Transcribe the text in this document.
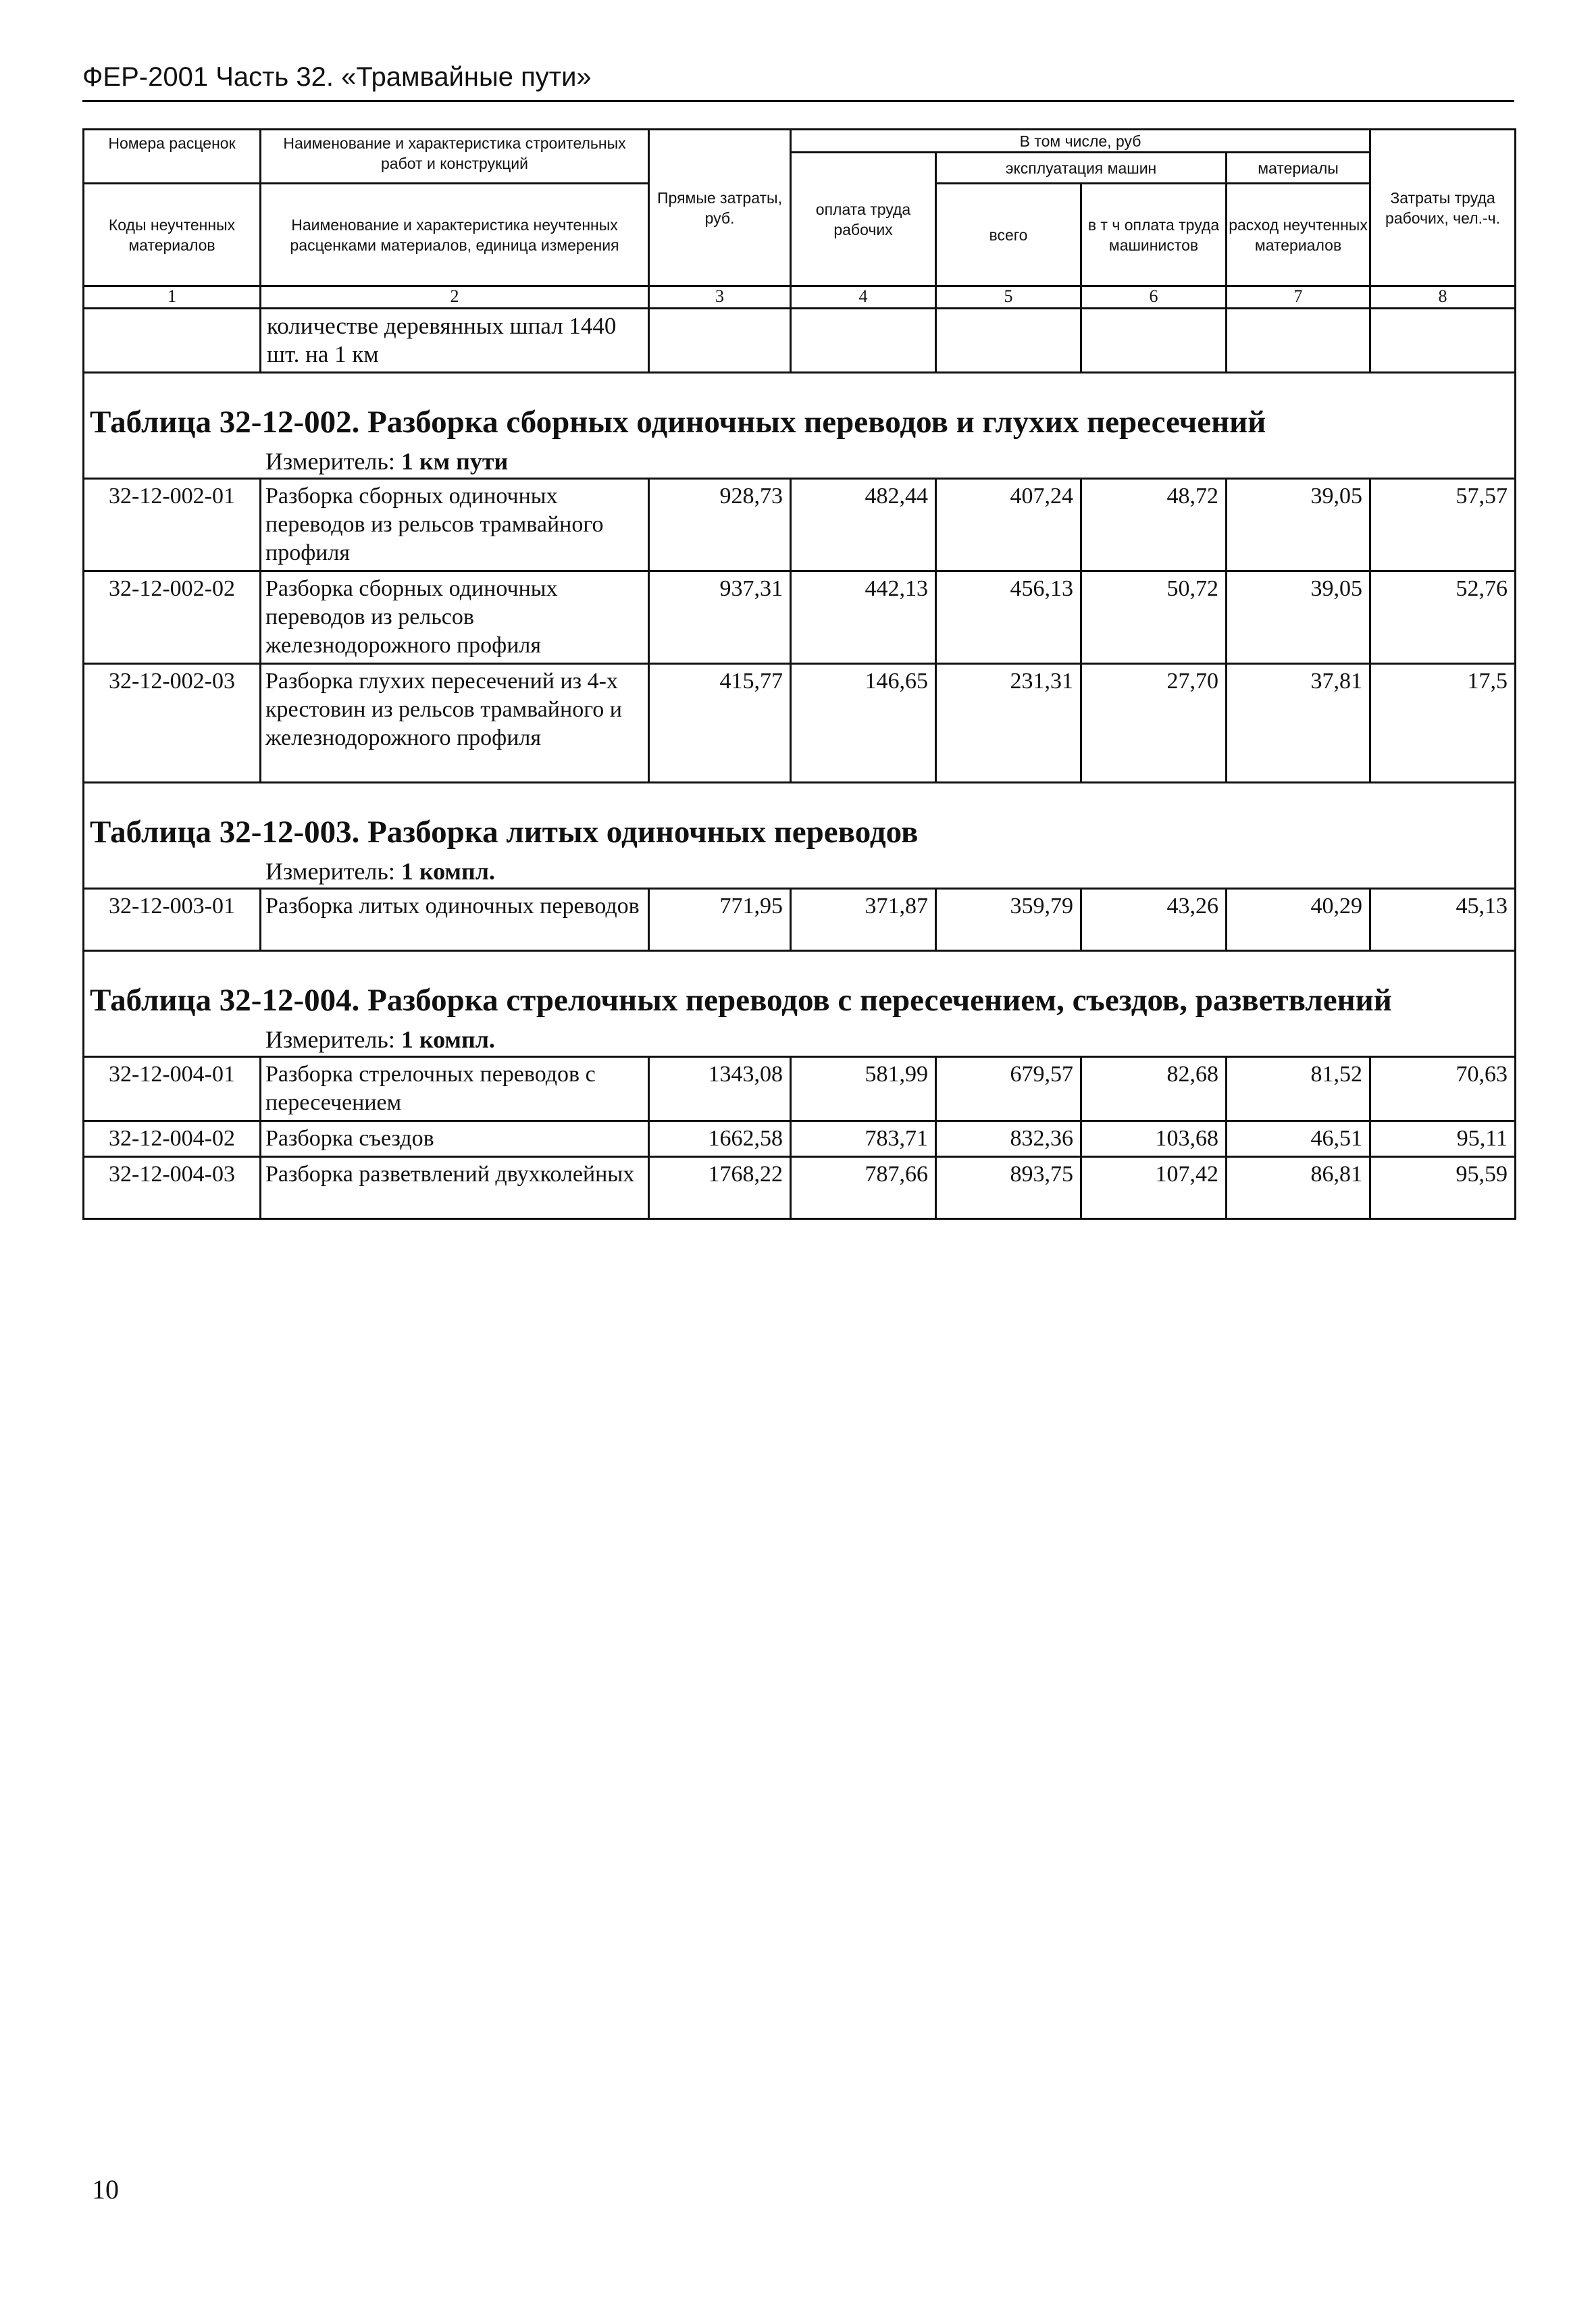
ФЕР-2001 Часть 32. «Трамвайные пути»
Номера расценок	Наименование и характеристика строительных работ и конструкций	Прямые затраты, руб.	В том числе, руб				Затраты труда рабочих, чел.-ч.
			оплата труда рабочих	эксплуатация машин		материалы	
Коды неучтенных материалов	Наименование и характеристика неучтенных расценками материалов, единица измерения			всего	в т ч оплата труда машинистов	расход неучтенных материалов	

1	2	3	4	5	6	7	8
	количестве деревянных шпал 1440 шт. на 1 км						

Таблица 32-12-002. Разборка сборных одиночных переводов и глухих пересечений
Измеритель: 1 км пути							

32-12-002-01	Разборка сборных одиночных переводов из рельсов трамвайного профиля	928,73	482,44	407,24	48,72	39,05	57,57
32-12-002-02	Разборка сборных одиночных переводов из рельсов железнодорожного профиля	937,31	442,13	456,13	50,72	39,05	52,76
32-12-002-03	Разборка глухих пересечений из 4-х крестовин из рельсов трамвайного и железнодорожного профиля	415,77	146,65	231,31	27,70	37,81	17,5

Таблица 32-12-003. Разборка литых одиночных переводов
Измеритель: 1 компл.							

32-12-003-01	Разборка литых одиночных переводов	771,95	371,87	359,79	43,26	40,29	45,13

Таблица 32-12-004. Разборка стрелочных переводов с пересечением, съездов, разветвлений
Измеритель: 1 компл.							

32-12-004-01	Разборка стрелочных переводов с пересечением	1343,08	581,99	679,57	82,68	81,52	70,63
32-12-004-02	Разборка съездов	1662,58	783,71	832,36	103,68	46,51	95,11
32-12-004-03	Разборка разветвлений двухколейных	1768,22	787,66	893,75	107,42	86,81	95,59
10
